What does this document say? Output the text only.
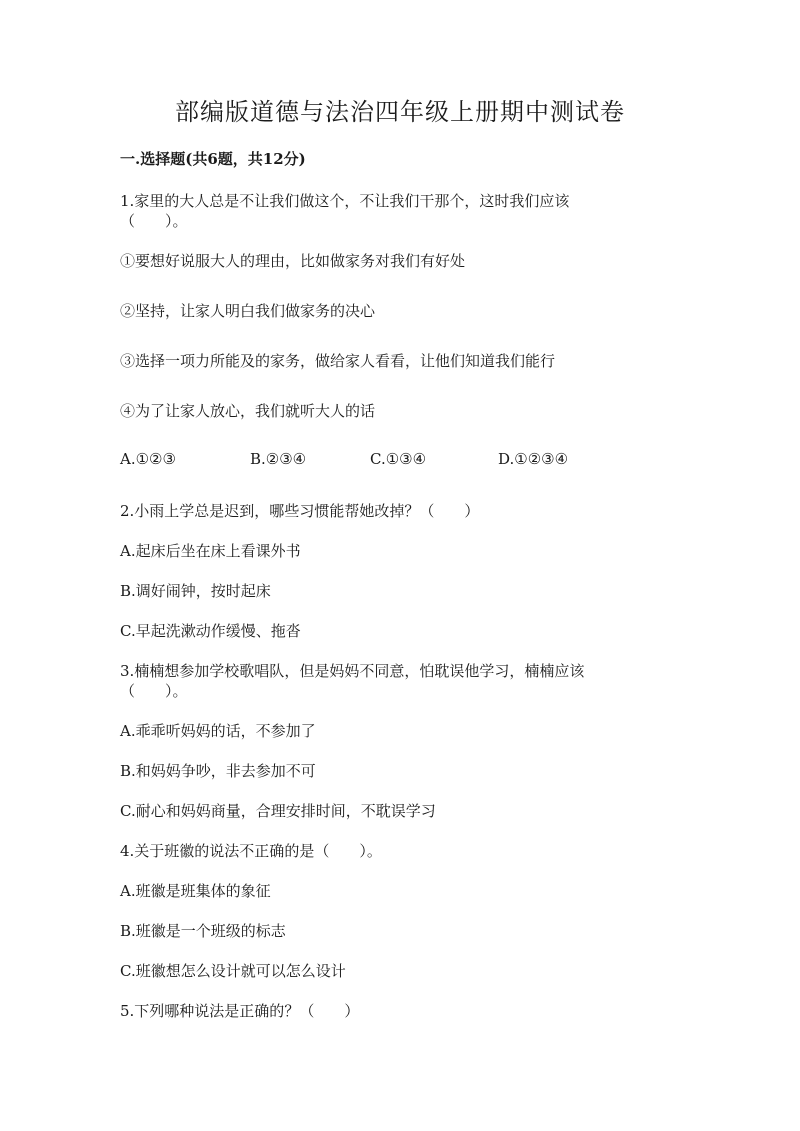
部编版道德与法治四年级上册期中测试卷
一.选择题(共6题，共12分)
1.家里的大人总是不让我们做这个，不让我们干那个，这时我们应该
（　　）。
①要想好说服大人的理由，比如做家务对我们有好处
②坚持，让家人明白我们做家务的决心
③选择一项力所能及的家务，做给家人看看，让他们知道我们能行
④为了让家人放心，我们就听大人的话
A.①②③	B.②③④	C.①③④	D.①②③④
2.小雨上学总是迟到，哪些习惯能帮她改掉？（　　）
A.起床后坐在床上看课外书
B.调好闹钟，按时起床
C.早起洗漱动作缓慢、拖沓
3.楠楠想参加学校歌唱队，但是妈妈不同意，怕耽误他学习，楠楠应该
（　　）。
A.乖乖听妈妈的话，不参加了
B.和妈妈争吵，非去参加不可
C.耐心和妈妈商量，合理安排时间，不耽误学习
4.关于班徽的说法不正确的是（　　）。
A.班徽是班集体的象征
B.班徽是一个班级的标志
C.班徽想怎么设计就可以怎么设计
5.下列哪种说法是正确的？（　　）
